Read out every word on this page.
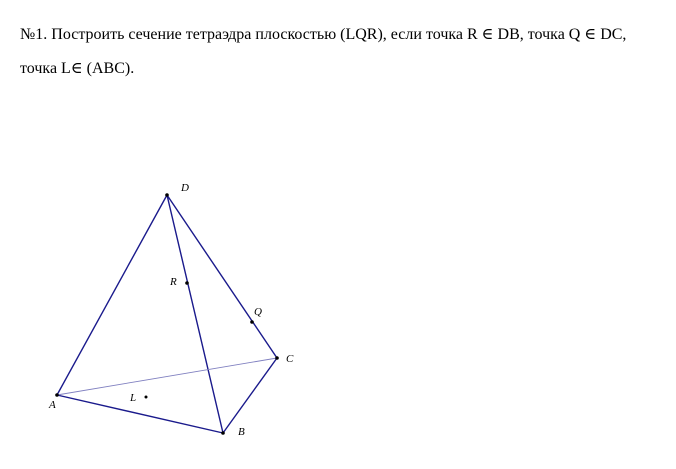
№1. Построить сечение тетраэдра плоскостью (LQR), если точка R ∈ DB, точка Q ∈ DC,

точка L∈ (ABC).

D
A
B
C
R
Q
L
